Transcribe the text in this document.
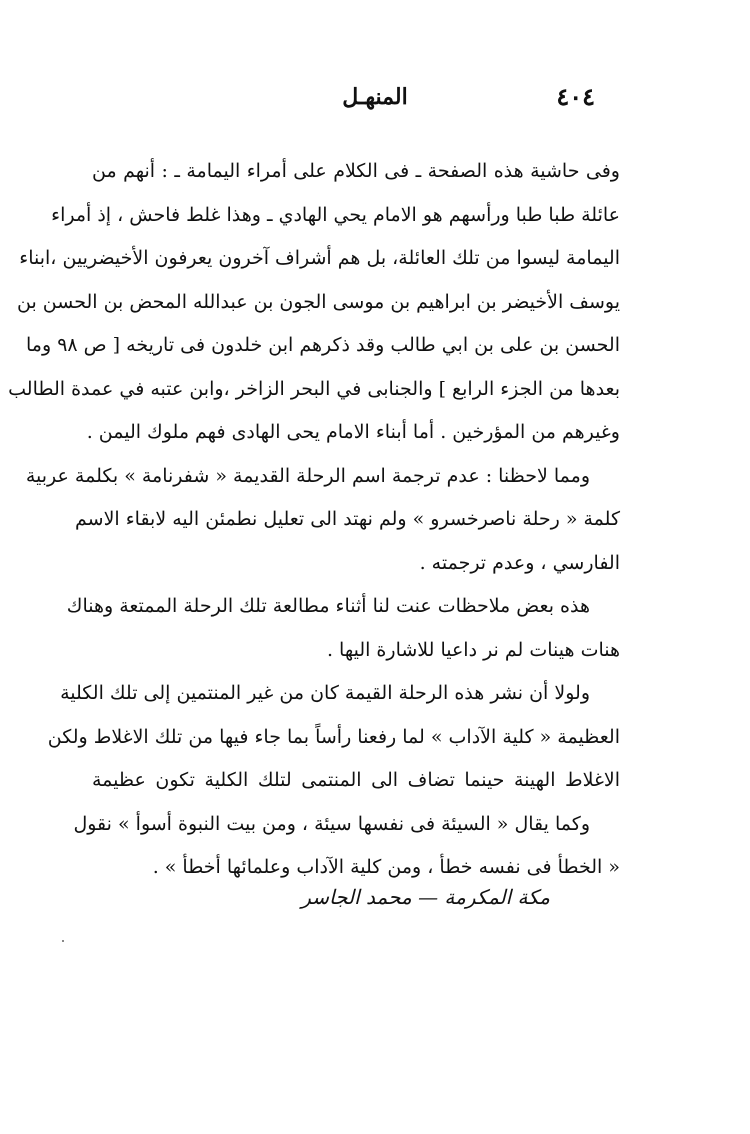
٤٠٤
المنهـل
وفى حاشية هذه الصفحة ـ فى الكلام على أمراء اليمامة ـ : أنهم من
عائلة طبا طبا ورأسهم هو الامام يحي الهادي ـ وهذا غلط فاحش ، إذ أمراء
اليمامة ليسوا من تلك العائلة، بل هم أشراف آخرون يعرفون الأخيضريين ،ابناء
يوسف الأخيضر بن ابراهيم بن موسى الجون بن عبدالله المحض بن الحسن بن
الحسن بن على بن ابي طالب وقد ذكرهم ابن خلدون فى تاريخه [ ص ٩٨ وما
بعدها من الجزء الرابع ] والجنابى في البحر الزاخر ،وابن عتبه في عمدة الطالب
وغيرهم من المؤرخين . أما أبناء الامام يحى الهادى فهم ملوك اليمن .
ومما لاحظنا : عدم ترجمة اسم الرحلة القديمة « شفرنامة » بكلمة عربية
كلمة « رحلة ناصرخسرو » ولم نهتد الى تعليل نطمئن اليه لابقاء الاسم
الفارسي ، وعدم ترجمته .
هذه بعض ملاحظات عنت لنا أثناء مطالعة تلك الرحلة الممتعة وهناك
هنات هينات لم نر داعيا للاشارة اليها .
ولولا أن نشر هذه الرحلة القيمة كان من غير المنتمين إلى تلك الكلية
العظيمة « كلية الآداب » لما رفعنا رأساً بما جاء فيها من تلك الاغلاط ولكن
الاغلاط الهينة حينما تضاف الى المنتمى لتلك الكلية تكون عظيمة
وكما يقال « السيئة فى نفسها سيئة ، ومن بيت النبوة أسوأ » نقول
« الخطأ فى نفسه خطأ ، ومن كلية الآداب وعلمائها أخطأ » .
مكة المكرمة — محمد الجاسر
